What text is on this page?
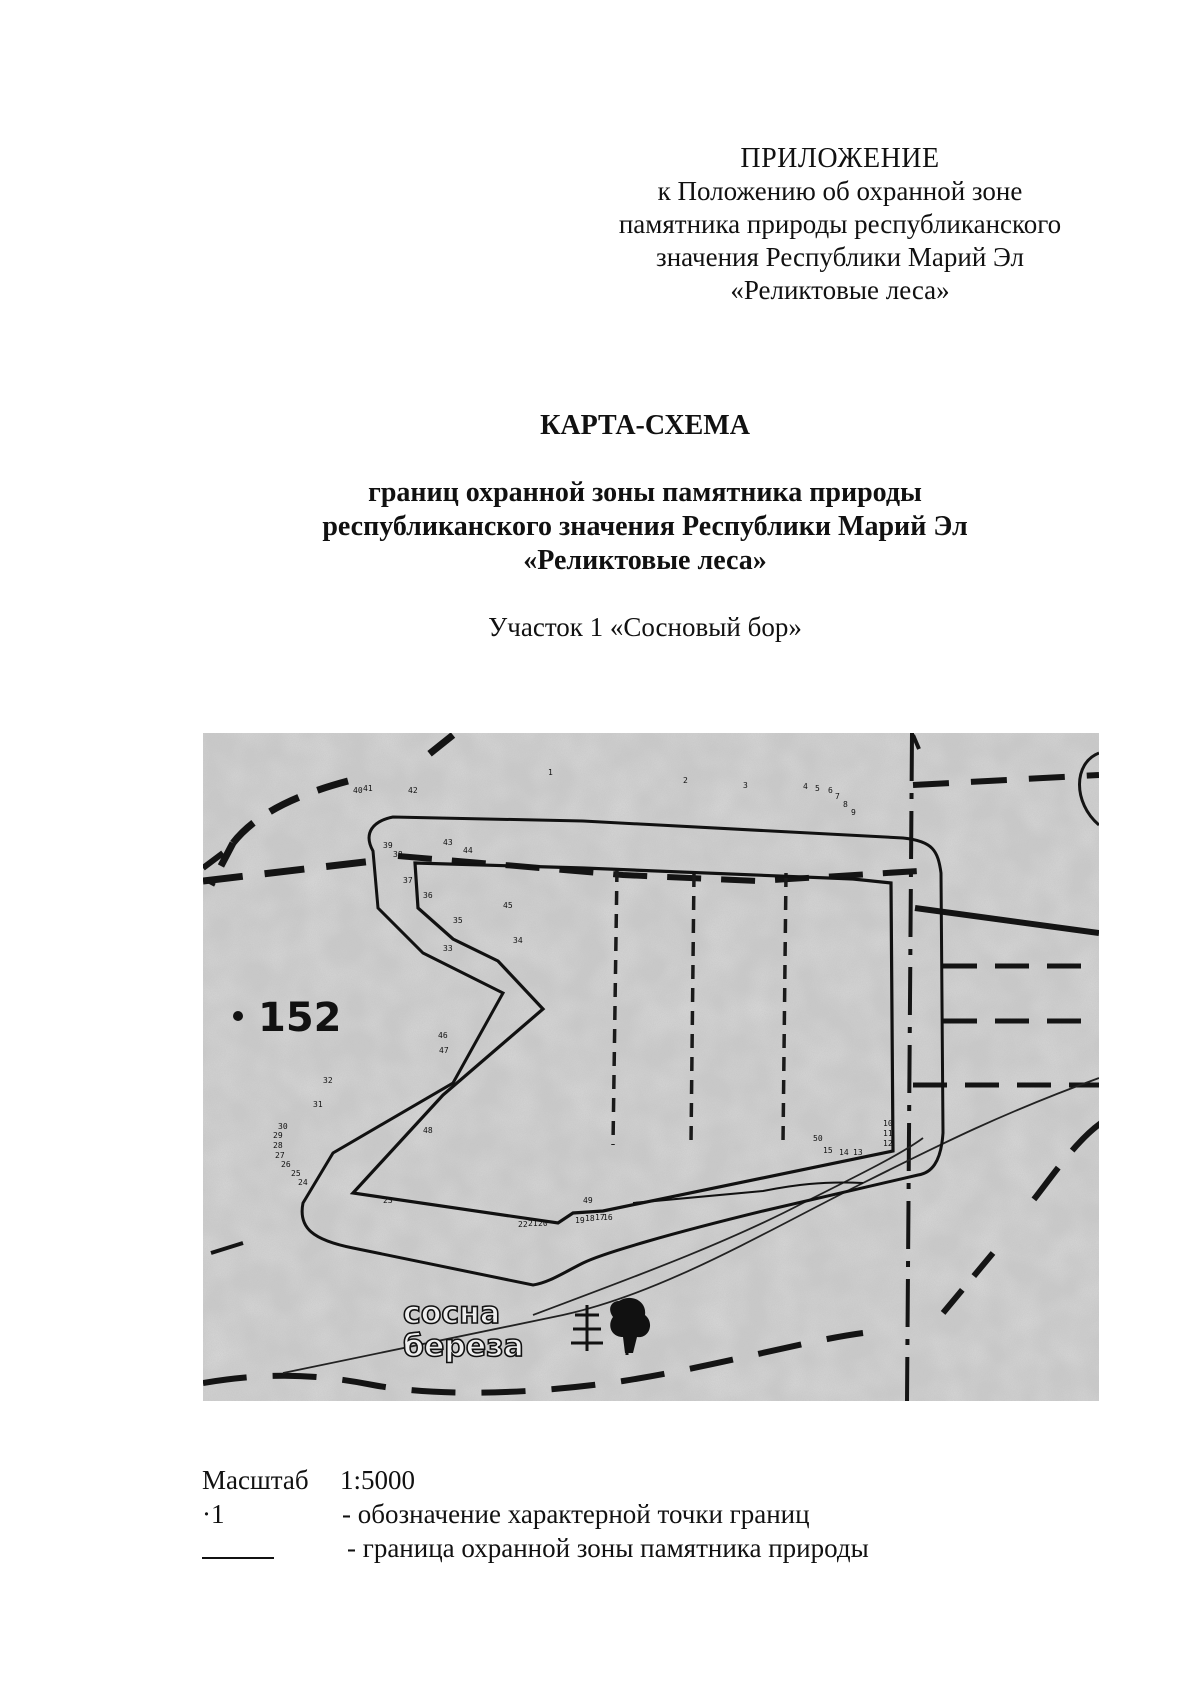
ПРИЛОЖЕНИЕ
к Положению об охранной зоне
памятника природы республиканского
значения Республики Марий Эл
«Реликтовые леса»
КАРТА-СХЕМА
границ охранной зоны памятника природы
республиканского значения Республики Марий Эл
«Реликтовые леса»
Участок 1 «Сосновый бор»
1
2
3	4 5 6
7
8
9
10
11
12
13
14
15
16
17
18
19
20
21
22
23
24
25
26
27
28
29
30
31
32
33
34
35
36
37
38
39
40 41	42
43
44
45
46
47
48
49
50
152
сосна
береза
Масштаб 1:5000
·1	- обозначение характерной точки границ
- граница охранной зоны памятника природы
